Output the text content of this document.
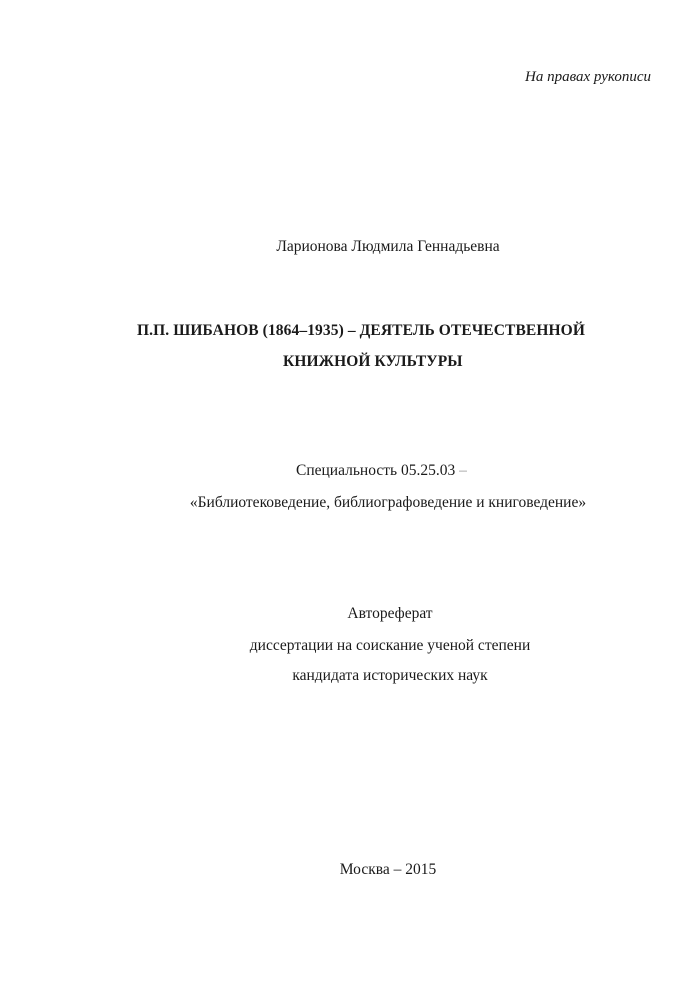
На правах рукописи
Ларионова Людмила Геннадьевна
П.П. ШИБАНОВ (1864–1935) – ДЕЯТЕЛЬ ОТЕЧЕСТВЕННОЙ
КНИЖНОЙ КУЛЬТУРЫ
Специальность 05.25.03 –
«Библиотековедение, библиографоведение и книговедение»
Автореферат
диссертации на соискание ученой степени
кандидата исторических наук
Москва – 2015
